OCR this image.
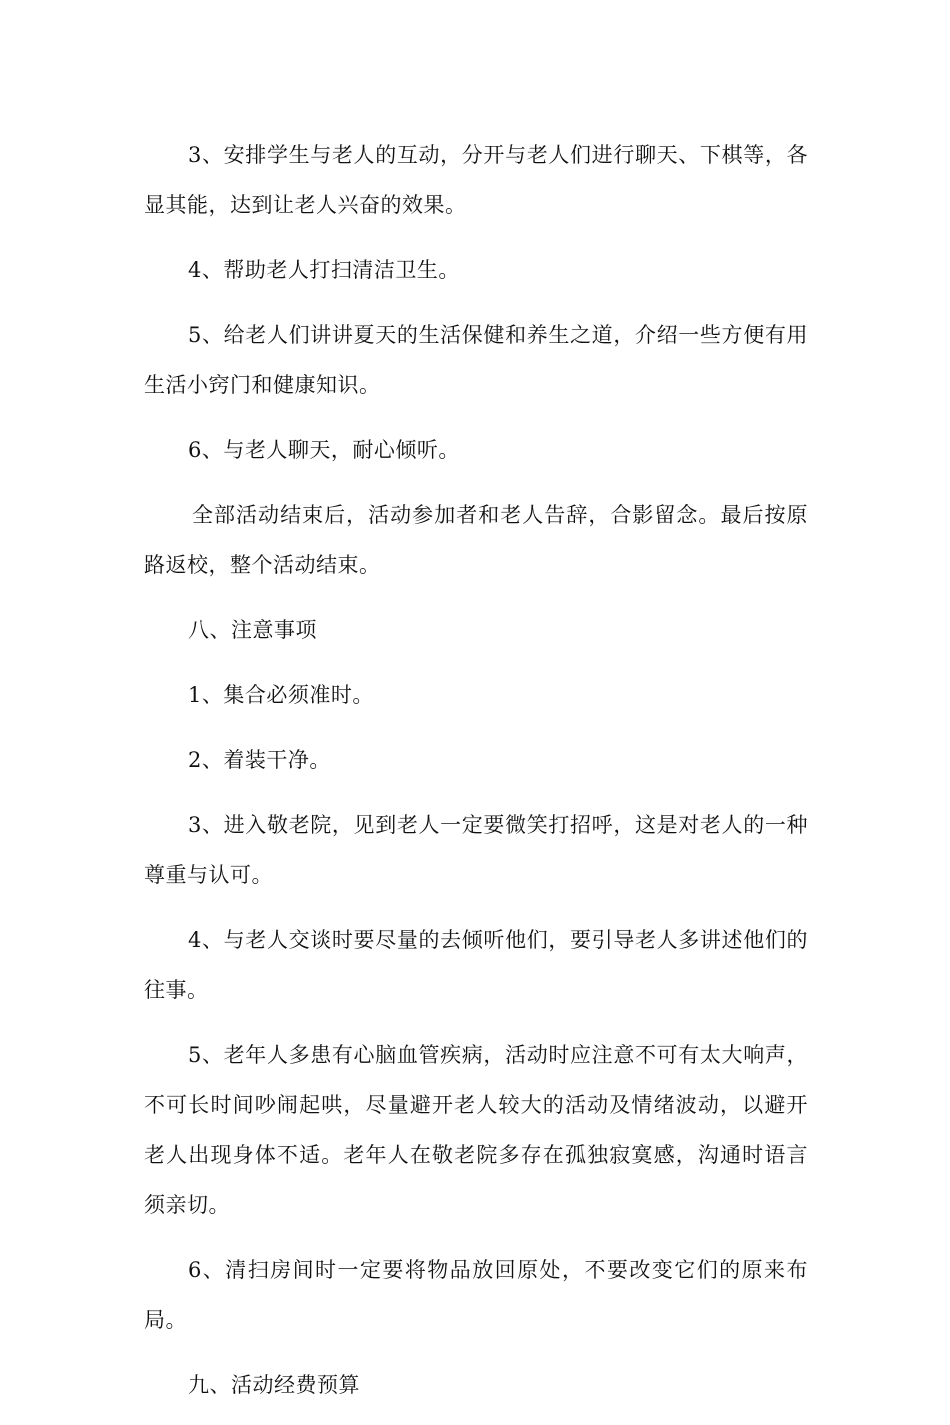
3、安排学生与老人的互动，分开与老人们进行聊天、下棋等，各显其能，达到让老人兴奋的效果。

4、帮助老人打扫清洁卫生。

5、给老人们讲讲夏天的生活保健和养生之道，介绍一些方便有用生活小窍门和健康知识。

6、与老人聊天，耐心倾听。

全部活动结束后，活动参加者和老人告辞，合影留念。最后按原路返校，整个活动结束。

八、注意事项

1、集合必须准时。

2、着装干净。

3、进入敬老院，见到老人一定要微笑打招呼，这是对老人的一种尊重与认可。

4、与老人交谈时要尽量的去倾听他们，要引导老人多讲述他们的往事。

5、老年人多患有心脑血管疾病，活动时应注意不可有太大响声，不可长时间吵闹起哄，尽量避开老人较大的活动及情绪波动，以避开老人出现身体不适。老年人在敬老院多存在孤独寂寞感，沟通时语言须亲切。

6、清扫房间时一定要将物品放回原处，不要改变它们的原来布局。

九、活动经费预算
